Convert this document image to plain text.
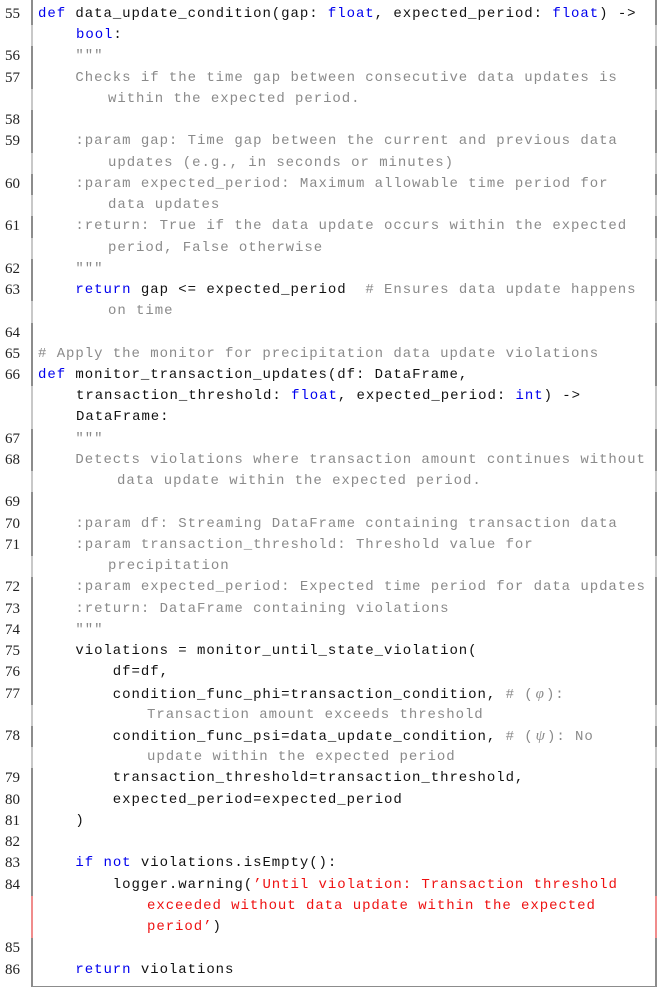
55	def data_update_condition(gap: float, expected_period: float) ->
bool:
56	"""
57	Checks if the time gap between consecutive data updates is
within the expected period.
58
59	:param gap: Time gap between the current and previous data
updates (e.g., in seconds or minutes)
60	:param expected_period: Maximum allowable time period for
data updates
61	:return: True if the data update occurs within the expected
period, False otherwise
62	"""
63	return gap <= expected_period  # Ensures data update happens
on time
64
65	# Apply the monitor for precipitation data update violations
66	def monitor_transaction_updates(df: DataFrame,
transaction_threshold: float, expected_period: int) ->
DataFrame:
67	"""
68	Detects violations where transaction amount continues without
data update within the expected period.
69
70	:param df: Streaming DataFrame containing transaction data
71	:param transaction_threshold: Threshold value for
precipitation
72	:param expected_period: Expected time period for data updates
73	:return: DataFrame containing violations
74	"""
75	violations = monitor_until_state_violation(
76	df=df,
77	condition_func_phi=transaction_condition, # ( φ ):
Transaction amount exceeds threshold
78	condition_func_psi=data_update_condition, # ( ψ ): No
update within the expected period
79	transaction_threshold=transaction_threshold,
80	expected_period=expected_period
81	)
82
83	if not violations.isEmpty():
84	logger.warning(’Until violation: Transaction threshold
exceeded without data update within the expected
period’)
85
86	return violations
